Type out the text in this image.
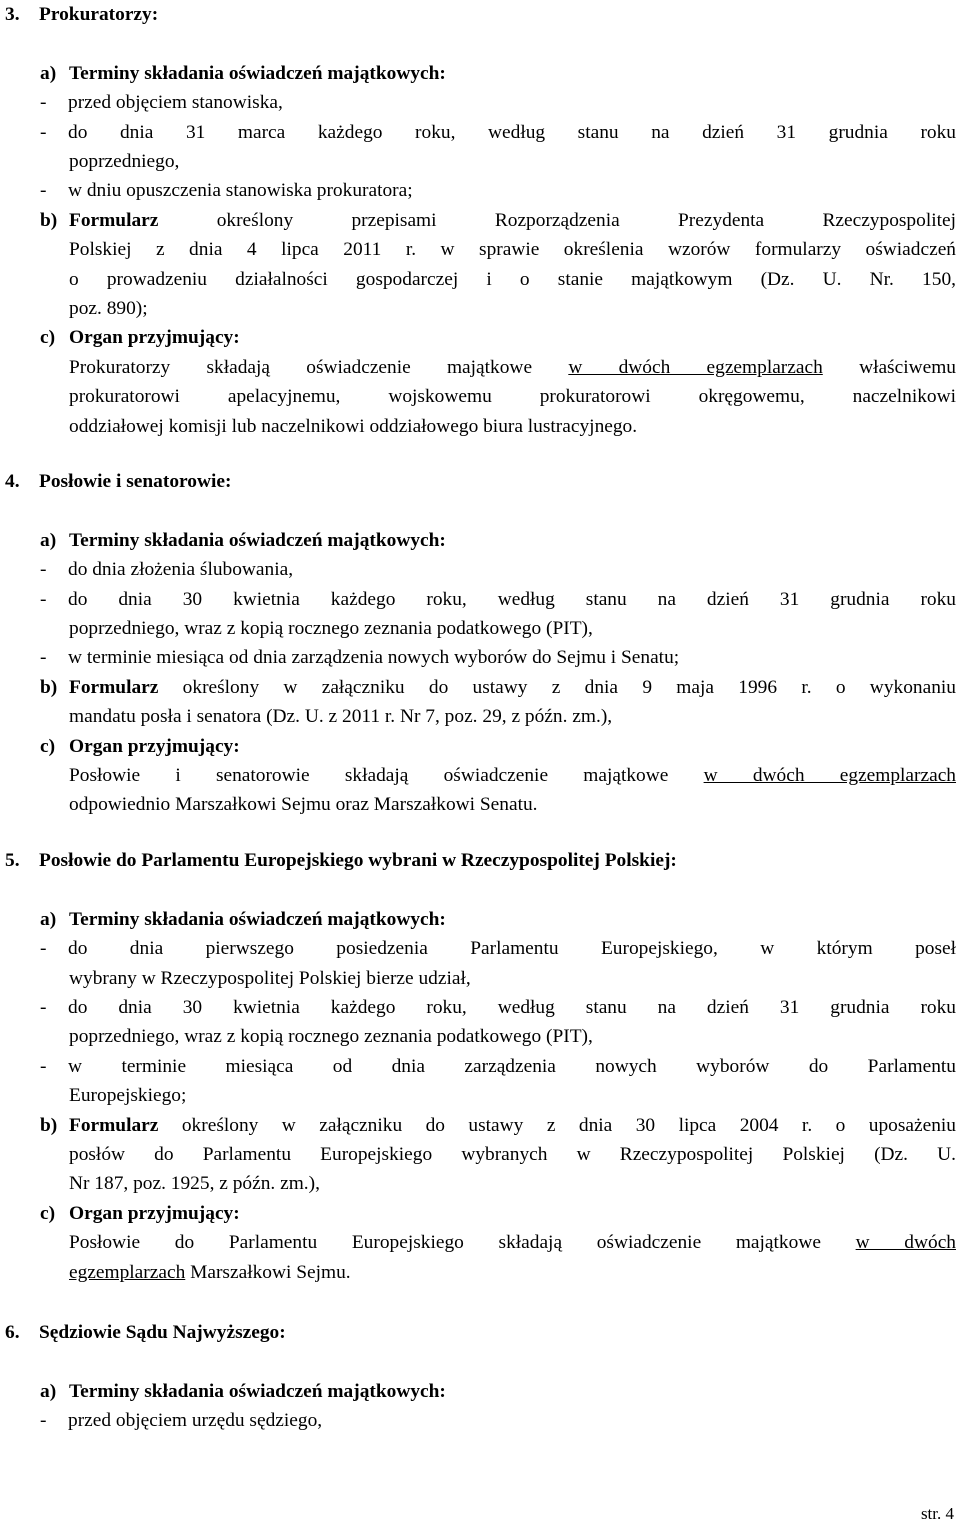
3. Prokuratorzy:

a) Terminy składania oświadczeń majątkowych:

- przed objęciem stanowiska,

- do dnia 31 marca każdego roku, według stanu na dzień 31 grudnia roku

poprzedniego,

- w dniu opuszczenia stanowiska prokuratora;

b) Formularz	określony przepisami Rozporządzenia Prezydenta Rzeczypospolitej

Polskiej z dnia 4 lipca 2011 r. w sprawie określenia wzorów formularzy oświadczeń

o prowadzeniu działalności gospodarczej i o stanie majątkowym (Dz. U. Nr. 150,

poz. 890);

c) Organ przyjmujący:

Prokuratorzy składają oświadczenie majątkowe w dwóch egzemplarzach właściwemu

prokuratorowi apelacyjnemu, wojskowemu prokuratorowi okręgowemu, naczelnikowi

oddziałowej komisji lub naczelnikowi oddziałowego biura lustracyjnego.

4. Posłowie i senatorowie:

a) Terminy składania oświadczeń majątkowych:

- do dnia złożenia ślubowania,

- do dnia 30 kwietnia każdego roku, według stanu na dzień 31 grudnia roku

poprzedniego, wraz z kopią rocznego zeznania podatkowego (PIT),

- w terminie miesiąca od dnia zarządzenia nowych wyborów do Sejmu i Senatu;

b) Formularz określony w załączniku do ustawy z dnia 9 maja 1996 r. o wykonaniu

mandatu posła i senatora (Dz. U. z 2011 r. Nr 7, poz. 29, z późn. zm.),

c) Organ przyjmujący:

Posłowie i senatorowie składają oświadczenie majątkowe w dwóch egzemplarzach

odpowiednio Marszałkowi Sejmu oraz Marszałkowi Senatu.

5. Posłowie do Parlamentu Europejskiego wybrani w Rzeczypospolitej Polskiej:

a) Terminy składania oświadczeń majątkowych:

- do dnia pierwszego posiedzenia Parlamentu Europejskiego, w którym poseł

wybrany w Rzeczypospolitej Polskiej bierze udział,

- do dnia 30 kwietnia każdego roku, według stanu na dzień 31 grudnia roku

poprzedniego, wraz z kopią rocznego zeznania podatkowego (PIT),

- w terminie miesiąca od dnia zarządzenia nowych wyborów do Parlamentu

Europejskiego;

b) Formularz określony w załączniku do ustawy z dnia 30 lipca 2004 r. o uposażeniu

posłów do Parlamentu Europejskiego wybranych w Rzeczypospolitej Polskiej (Dz. U.

Nr 187, poz. 1925, z późn. zm.),

c) Organ przyjmujący:

Posłowie do Parlamentu Europejskiego składają oświadczenie majątkowe w dwóch

egzemplarzach Marszałkowi Sejmu.

6. Sędziowie Sądu Najwyższego:

a) Terminy składania oświadczeń majątkowych:

- przed objęciem urzędu sędziego,

str. 4
